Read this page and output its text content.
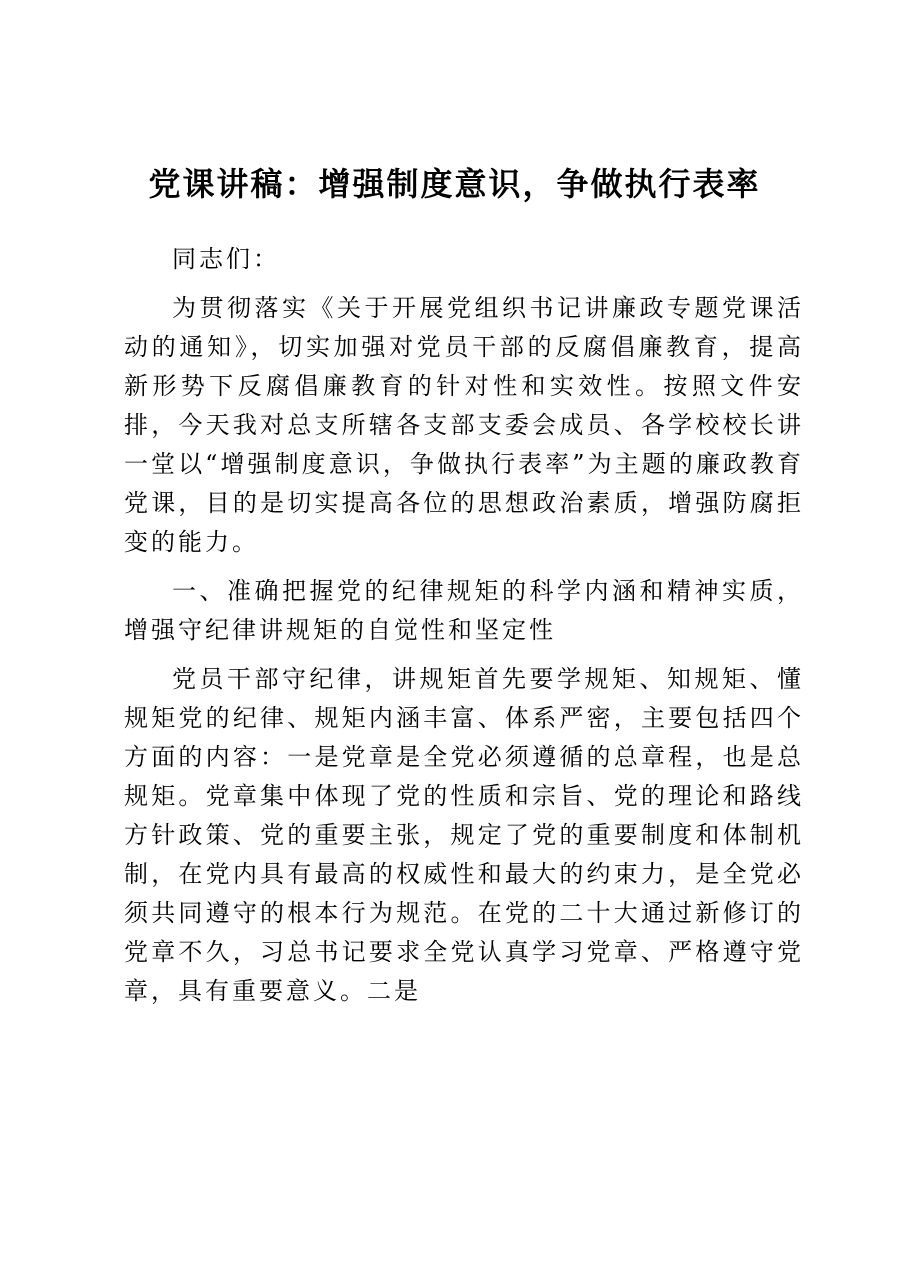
党课讲稿：增强制度意识，争做执行表率

同志们：

为贯彻落实《关于开展党组织书记讲廉政专题党课活动的通知》，切实加强对党员干部的反腐倡廉教育，提高新形势下反腐倡廉教育的针对性和实效性。按照文件安排，今天我对总支所辖各支部支委会成员、各学校校长讲一堂以“增强制度意识，争做执行表率”为主题的廉政教育党课，目的是切实提高各位的思想政治素质，增强防腐拒变的能力。

一、准确把握党的纪律规矩的科学内涵和精神实质，增强守纪律讲规矩的自觉性和坚定性

党员干部守纪律，讲规矩首先要学规矩、知规矩、懂规矩党的纪律、规矩内涵丰富、体系严密，主要包括四个方面的内容：一是党章是全党必须遵循的总章程，也是总规矩。党章集中体现了党的性质和宗旨、党的理论和路线方针政策、党的重要主张，规定了党的重要制度和体制机制，在党内具有最高的权威性和最大的约束力，是全党必须共同遵守的根本行为规范。在党的二十大通过新修订的党章不久，习总书记要求全党认真学习党章、严格遵守党章，具有重要意义。二是
